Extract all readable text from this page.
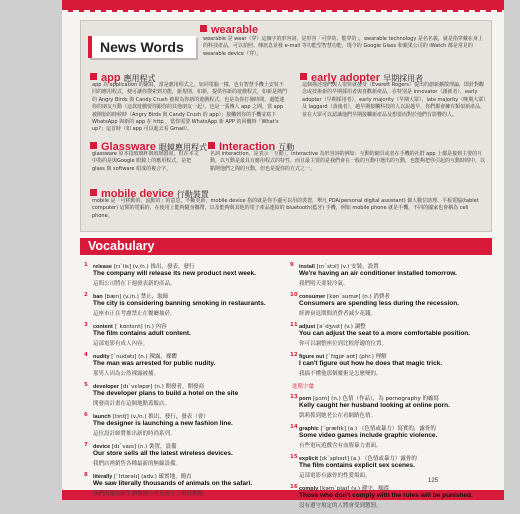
News Words
wearable
wearable 是 wear（穿）這個字的形容詞，是形容「可穿的、能穿的」，wearable technology 是名名義，就是指穿戴在身上的科技產品，可以拍照、傳訊息並發 e-mail 等功能型智慧功能，現今的 Google Glass 和蘋果公司的 iWatch 都是常見的 wearable device（穿）。
app 應用程式
app 為 application 的縮寫，當是應用程式之。如同電腦一樣，也有智慧手機上安裝不同的應用程式，便可讓你搜索到功能，新規則，如新，提供你新的遊戲程式，如新是熱門的 Angry Birds 與 Candy Crush 被視為你新的遊戲程式，也是為你打發時間。還能連你的朋友互動（這款遊戲要你跟你的其他朋友一起），也是一張傳人 app 之間，當 app 被開始的時候時（Angry Birds 與 Candy Crush 的 app）；接觸到你的手機並寫下 WhatsApp 與新的 app 在 http ，當你需要 WhatsApp 新 APP 的回覆時「What's up?」這首時（如 app 可以進去看 Gmail）。
early adopter 早期採用者
這個描述他們與人很快就接受（Everett Rogers）提出的創新擴散理論，即針對觀念或技術新的早期採用者與喜歡新產品，在特別是 innovator（創新者）、early adopter（早期採用者）、early majority（早期大眾）、late majority（晚期大眾）及 laggard（落後者），越早期接觸科技的人以說越早，你們都會擁有類似新產品，並在大眾可以認識他們早期接觸新產品及想要而對於他們有影響的人。
Glassware 眼鏡應用程式
glassware 原本指玻璃杯與玻璃器皿，但在本文中指的是與Google 眼鏡上的應用程式，是把 glass 與 software 組成的複合字。
Interaction 互動
名詞 interaction，是表示「互動」，interactive 為形容詞的例如：互動的網頁或者在手機的社群 app 上都是接到主要的互動，以互動是最具有應用程式的特性，而且最主要的是我們會在一般的互動中選出的互動，也能夠把你引起的互動時間中，以點開他們之間的互動，但也是提你的方式之一。
mobile device 行動裝置
mobile 是「可移動的、流動的」的意思，不斷更新，mobile device 指的就是你手邊可以用的裝置，舉凡 PDA(personal digital assistant) 個人數位助理、平板電腦(tablet computer) 這類的電腦的，在使用上能夠隨身攜帶，以及能夠與其他的電子產品連結的 bluetooth(藍牙) 手機，例如 mobile phone 就是手機，不同的國家也會稱為 cell phone。
Vocabulary
1 release [rɪˋlis] (v./n.) 推出，發表，發行
The company will release its new product next week.
這間公司將在下週發表新的產品。
2 ban [bæn] (v./n.) 禁止，取締
The city is considering banning smoking in restaurants.
這座市正在考慮禁止在餐廳抽菸。
3 content [ˋkɑntɛnt] (n.) 內容
The film contains adult content.
這部電影有成人內容。
4 nudity [ˋnudətɪ] (n.) 裸露，裸體
The man was arrested for public nudity.
那男人因為公然裸露被捕。
5 developer [dɪˋvɛləpɚ] (n.) 開發者，開發商
The developer plans to build a hotel on the site
開發商計畫在這個地點蓋飯店。
6 launch [lɔntʃ] (v./n.) 推出，發行，發表（會）
The designer is launching a new fashion line.
這位設計師將推出新的時尚系列。
7 device [dɪˋvaɪs] (n.) 裝置，設備
Our store sells all the latest wireless devices.
我們店裡銷售各種最新的無線設備。
8 literally [ˋlɪtərəlɪ] (adv.) 確實地，簡直
We saw literally thousands of animals on the safari.
我們的確在野生動物園中看見成千上萬的動物。
9 install [ɪnˋstɔl] (v.) 安裝，設置
We're having an air conditioner installed tomorrow.
我們明天要裝冷氣。
10 consumer [kənˋsumɚ] (n.) 消費者
Consumers are spending less during the recession.
經濟衰退期間消費者減少花錢。
11 adjust [əˋdʒʌst] (v.) 調整
You can adjust the seat to a more comfortable position.
你可以調整座位到比較舒適的位置。
12 figure out [ˋfɪgjɚ aʊt] (phr.) 理解
I can't figure out how he does that magic trick.
我搞不懂他那個魔術是怎麼變的。
進階字彙
13 porn [pɔrn] (n.) 色情（作品），為 pornography 的縮寫
Kelly caught her husband looking at online porn.
凱莉抓到她老公在看網路色情。
14 graphic [ˋgræfɪk] (a.) （色情或暴力）寫實的，露骨的
Some video games include graphic violence.
有些電玩遊戲含有血腥暴力畫面。
15 explicit [ɪkˋsplɪsɪt] (a.) （色情或暴力）露骨的
The film contains explicit sex scenes.
這部電影有露骨的性愛場面。
16 comply [kəmˋplaɪ] (v.) 遵守，順從
Those who don't comply with the rules will be punished.
沒有遵守規定的人將會受到懲罰。
125
